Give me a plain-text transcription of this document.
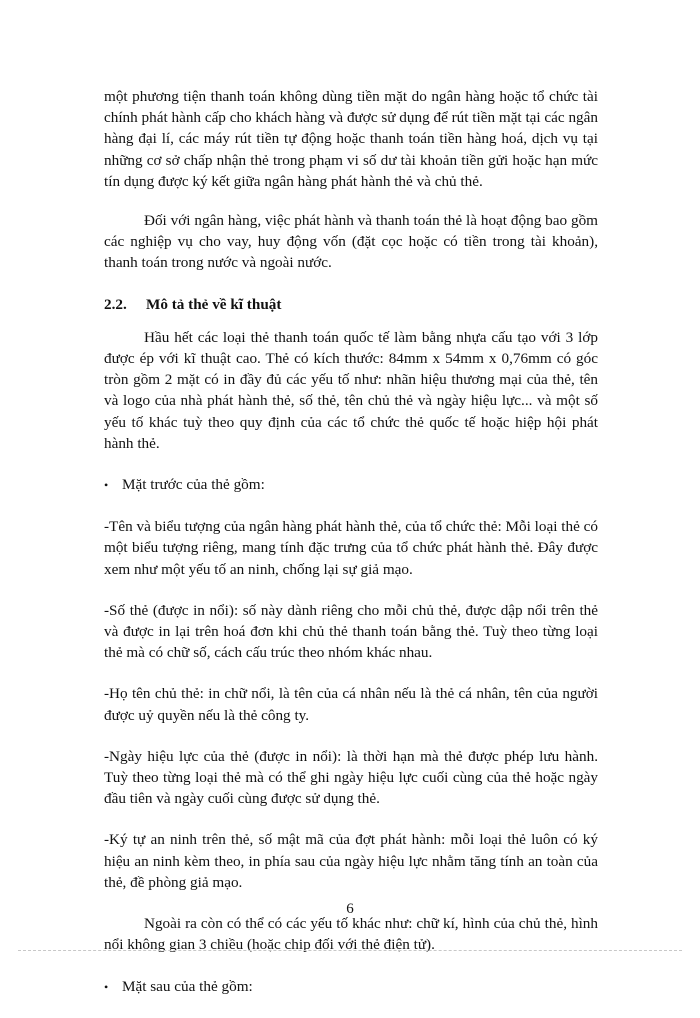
một phương tiện thanh toán không dùng tiền mặt do ngân hàng hoặc tổ chức tài chính phát hành cấp cho khách hàng và được sử dụng để rút tiền mặt tại các ngân hàng đại lí, các máy rút tiền tự động hoặc thanh toán tiền hàng hoá, dịch vụ tại những cơ sở chấp nhận thẻ trong phạm vi số dư tài khoản tiền gửi hoặc hạn mức tín dụng được ký kết giữa ngân hàng phát hành thẻ và chủ thẻ.

Đối với ngân hàng, việc phát hành và thanh toán thẻ là hoạt động bao gồm các nghiệp vụ cho vay, huy động vốn (đặt cọc hoặc có tiền trong tài khoản), thanh toán trong nước và ngoài nước.

2.2.	Mô tả thẻ về kĩ thuật

Hầu hết các loại thẻ thanh toán quốc tế làm bằng nhựa cấu tạo với 3 lớp được ép với kĩ thuật cao. Thẻ có kích thước: 84mm x 54mm x 0,76mm có góc tròn gồm 2 mặt có in đầy đủ các yếu tố như: nhãn hiệu thương mại của thẻ, tên và logo của nhà phát hành thẻ, số thẻ, tên chủ thẻ và ngày hiệu lực... và một số yếu tố khác tuỳ theo quy định của các tổ chức thẻ quốc tế hoặc hiệp hội phát hành thẻ.

• Mặt trước của thẻ gồm:

-Tên và biểu tượng của ngân hàng phát hành thẻ, của tổ chức thẻ: Mỗi loại thẻ có một biểu tượng riêng, mang tính đặc trưng của tổ chức phát hành thẻ. Đây được xem như một yếu tố an ninh, chống lại sự giả mạo.

-Số thẻ (được in nổi): số này dành riêng cho mỗi chủ thẻ, được dập nổi trên thẻ và được in lại trên hoá đơn khi chủ thẻ thanh toán bằng thẻ. Tuỳ theo từng loại thẻ mà có chữ số, cách cấu trúc theo nhóm khác nhau.

-Họ tên chủ thẻ: in chữ nổi, là tên của cá nhân nếu là thẻ cá nhân, tên của người được uỷ quyền nếu là thẻ công ty.

-Ngày hiệu lực của thẻ (được in nổi): là thời hạn mà thẻ được phép lưu hành. Tuỳ theo từng loại thẻ mà có thể ghi ngày hiệu lực cuối cùng của thẻ hoặc ngày đầu tiên và ngày cuối cùng được sử dụng thẻ.

-Ký tự an ninh trên thẻ, số mật mã của đợt phát hành: mỗi loại thẻ luôn có ký hiệu an ninh kèm theo, in phía sau của ngày hiệu lực nhằm tăng tính an toàn của thẻ, đề phòng giả mạo.

Ngoài ra còn có thể có các yếu tố khác như: chữ kí, hình của chủ thẻ, hình nổi không gian 3 chiều (hoặc chip đối với thẻ điện tử).

• Mặt sau của thẻ gồm:
6
